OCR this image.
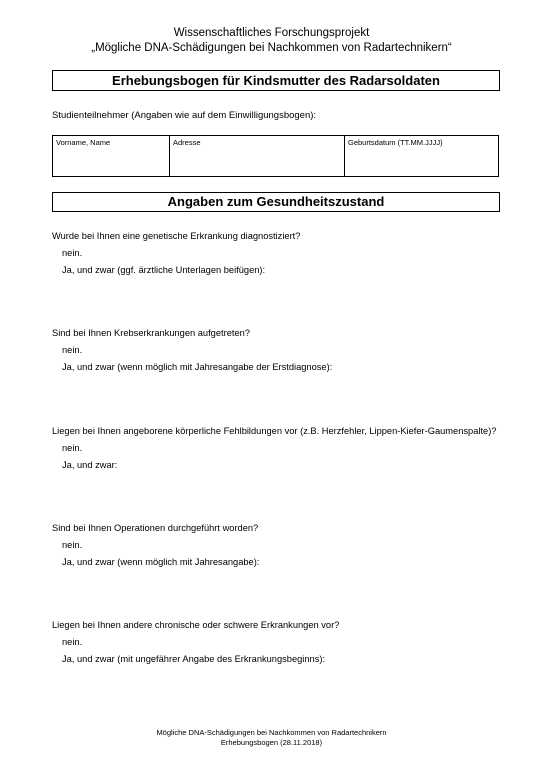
Wissenschaftliches Forschungsprojekt
„Mögliche DNA-Schädigungen bei Nachkommen von Radartechnikern“
Erhebungsbogen für Kindsmutter des Radarsoldaten
Studienteilnehmer (Angaben wie auf dem Einwilligungsbogen):
Vorname, Name	Adresse	Geburtsdatum (TT.MM.JJJJ)
Angaben zum Gesundheitszustand
Wurde bei Ihnen eine genetische Erkrankung diagnostiziert?
nein.
Ja, und zwar (ggf. ärztliche Unterlagen beifügen):
Sind bei Ihnen Krebserkrankungen aufgetreten?
nein.
Ja, und zwar (wenn möglich mit Jahresangabe der Erstdiagnose):
Liegen bei Ihnen angeborene körperliche Fehlbildungen vor (z.B. Herzfehler, Lippen-Kiefer-Gaumenspalte)?
nein.
Ja, und zwar:
Sind bei Ihnen Operationen durchgeführt worden?
nein.
Ja, und zwar (wenn möglich mit Jahresangabe):
Liegen bei Ihnen andere chronische oder schwere Erkrankungen vor?
nein.
Ja, und zwar (mit ungefährer Angabe des Erkrankungsbeginns):
Mögliche DNA-Schädigungen bei Nachkommen von Radartechnikern
Erhebungsbogen (28.11.2018)
